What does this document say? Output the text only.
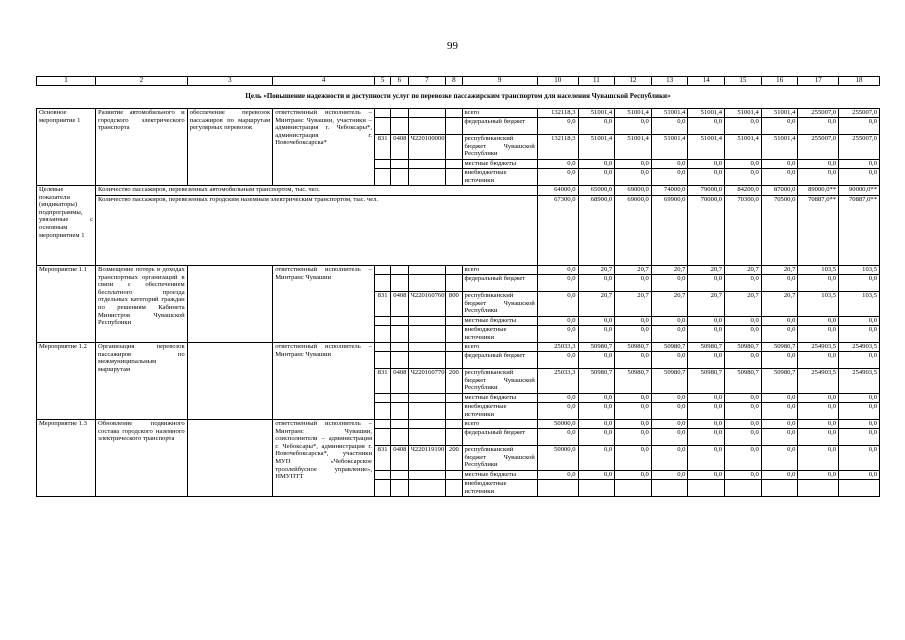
99
1	2	3	4	5	6	7	8	9	10	11	12	13	14	15	16	17	18
Цель «Повышение надежности и доступности услуг по перевозке пассажирским транспортом для населения Чувашской Республики»																	
Основное мероприятие 1	Развитие автомобильного и городского электрического транспорта	обеспечение перевозок пассажиров по маршрутам регулярных перевозок	ответственный исполнитель – Минтранс Чувашии, участники – администрация г. Чебоксары*, администрация г. Новочебоксарска*					всего	132118,3	51001,4	51001,4	51001,4	51001,4	51001,4	51001,4	255007,0	255007,0
								федеральный бюджет	0,0	0,0	0,0	0,0	0,0	0,0	0,0	0,0	0,0
				831	0408	Ч220100000		республиканский бюджет Чувашской Республики	132118,3	51001,4	51001,4	51001,4	51001,4	51001,4	51001,4	255007,0	255007,0
								местные бюджеты	0,0	0,0	0,0	0,0	0,0	0,0	0,0	0,0	0,0
								внебюджетные источники	0,0	0,0	0,0	0,0	0,0	0,0	0,0	0,0	0,0
Целевые показатели (индикаторы) подпрограммы, увязанные с основным мероприятием 1	Количество пассажиров, перевезенных автомобильным транспортом, тыс. чел.								64000,0	65000,0	69000,0	74000,0	79000,0	84200,0	87000,0	89000,0**	90000,0**
	Количество пассажиров, перевезенных городским наземным электрическим транспортом, тыс. чел.								67300,0	68900,0	69000,0	69900,0	70000,0	70300,0	70500,0	70887,0**	70887,0**
Мероприятие 1.1	Возмещение потерь в доходах транспортных организаций в связи с обеспечением бесплатного проезда отдельных категорий граждан по решениям Кабинета Министров Чувашской Республики		ответственный исполнитель – Минтранс Чувашии					всего	0,0	20,7	20,7	20,7	20,7	20,7	20,7	103,5	103,5
								федеральный бюджет	0,0	0,0	0,0	0,0	0,0	0,0	0,0	0,0	0,0
				831	0408	Ч220160760	800	республиканский бюджет Чувашской Республики	0,0	20,7	20,7	20,7	20,7	20,7	20,7	103,5	103,5
								местные бюджеты	0,0	0,0	0,0	0,0	0,0	0,0	0,0	0,0	0,0
								внебюджетные источники	0,0	0,0	0,0	0,0	0,0	0,0	0,0	0,0	0,0
Мероприятие 1.2	Организация перевозок пассажиров по межмуниципальным маршрутам		ответственный исполнитель – Минтранс Чувашии					всего	25033,3	50980,7	50980,7	50980,7	50980,7	50980,7	50980,7	254903,5	254903,5
								федеральный бюджет	0,0	0,0	0,0	0,0	0,0	0,0	0,0	0,0	0,0
				831	0408	Ч220160770	200	республиканский бюджет Чувашской Республики	25033,3	50980,7	50980,7	50980,7	50980,7	50980,7	50980,7	254903,5	254903,5
								местные бюджеты	0,0	0,0	0,0	0,0	0,0	0,0	0,0	0,0	0,0
								внебюджетные источники	0,0	0,0	0,0	0,0	0,0	0,0	0,0	0,0	0,0
Мероприятие 1.3	Обновление подвижного состава городского наземного электрического транспорта		ответственный исполнитель – Минтранс Чувашии, соисполнители – администрация г. Чебоксары*, администрация г. Новочебоксарска*, участники МУП «Чебоксарское троллейбусное управление», НМУПТТ					всего	50000,0	0,0	0,0	0,0	0,0	0,0	0,0	0,0	0,0
								федеральный бюджет	0,0	0,0	0,0	0,0	0,0	0,0	0,0	0,0	0,0
				831	0408	Ч220119190	200	республиканский бюджет Чувашской Республики	50000,0	0,0	0,0	0,0	0,0	0,0	0,0	0,0	0,0
								местные бюджеты	0,0	0,0	0,0	0,0	0,0	0,0	0,0	0,0	0,0
								внебюджетные источники									
